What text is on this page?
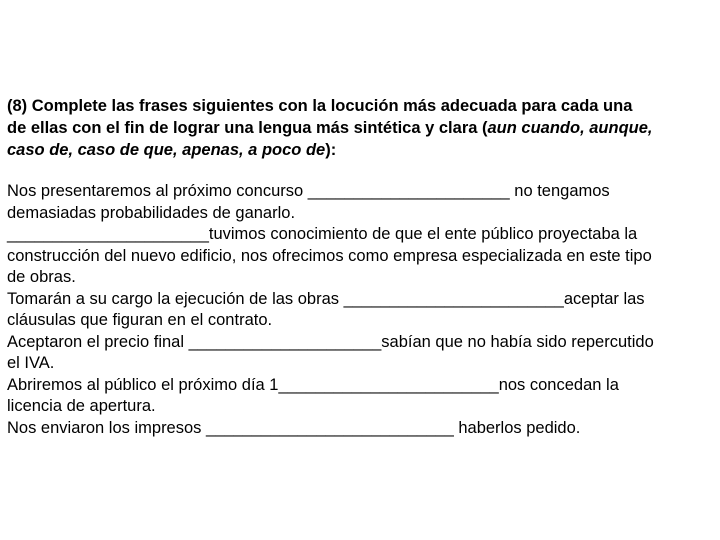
(8) Complete las frases siguientes con la locución más adecuada para cada una
de ellas con el fin de lograr una lengua más sintética y clara (aun cuando, aunque,
caso de, caso de que, apenas, a poco de):

Nos presentaremos al próximo concurso ______________________ no tengamos
demasiadas probabilidades de ganarlo.
______________________tuvimos conocimiento de que el ente público proyectaba la
construcción del nuevo edificio, nos ofrecimos como empresa especializada en este tipo
de obras.
Tomarán a su cargo la ejecución de las obras ________________________aceptar las
cláusulas que figuran en el contrato.
Aceptaron el precio final _____________________sabían que no había sido repercutido
el IVA.
Abriremos al público el próximo día 1________________________nos concedan la
licencia de apertura.
Nos enviaron los impresos ___________________________ haberlos pedido.
